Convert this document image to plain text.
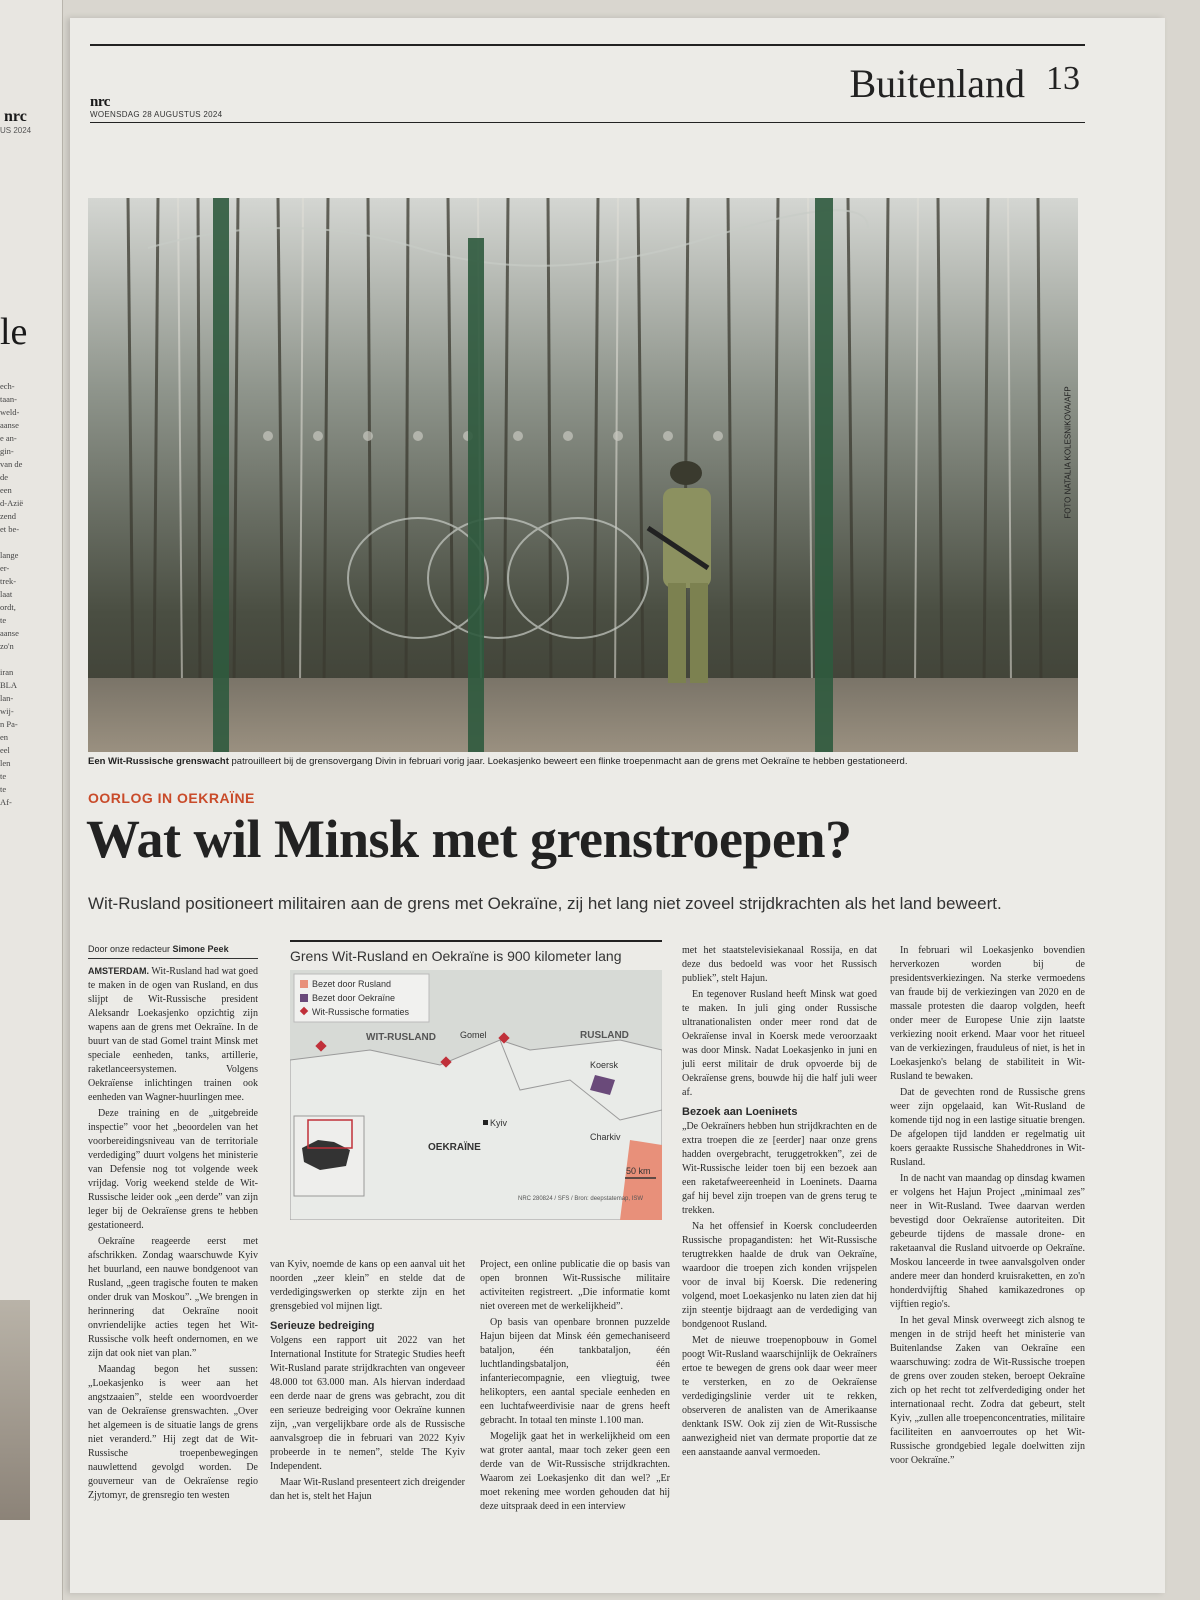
nrc
US 2024
le
ech-
taan-
weld-
aanse
e an-
gin-
van de
de
een
d-Azië
zend
et be-

lange
er-
trek-
laat
ordt,
te
aanse
zo'n

iran
BLA
lan-
wij-
n Pa-
en
eel
len
te
te
Af-
nrc
WOENSDAG 28 AUGUSTUS 2024
Buitenland 13
FOTO NATALIA KOLESNIKOVA/AFP
Een Wit-Russische grenswacht patrouilleert bij de grensovergang Divin in februari vorig jaar. Loekasjenko beweert een flinke troepenmacht aan de grens met Oekraïne te hebben gestationeerd.
OORLOG IN OEKRAÏNE
Wat wil Minsk met grenstroepen?
Wit-Rusland positioneert militairen aan de grens met Oekraïne, zij het lang niet zoveel strijdkrachten als het land beweert.
Door onze redacteur Simone Peek

AMSTERDAM. Wit-Rusland had wat goed te maken in de ogen van Rusland, en dus slijpt de Wit-Russische president Aleksandr Loekasjenko opzichtig zijn wapens aan de grens met Oekraïne. In de buurt van de stad Gomel traint Minsk met speciale eenheden, tanks, artillerie, raketlanceersystemen. Volgens Oekraïense inlichtingen trainen ook eenheden van Wagner-huurlingen mee.

Deze training en de „uitgebreide inspectie” voor het „beoordelen van het voorbereidingsniveau van de territoriale verdediging” duurt volgens het ministerie van Defensie nog tot volgende week vrijdag. Vorig weekend stelde de Wit-Russische leider ook „een derde” van zijn leger bij de Oekraïense grens te hebben gestationeerd.

Oekraïne reageerde eerst met afschrikken. Zondag waarschuwde Kyiv het buurland, een nauwe bondgenoot van Rusland, „geen tragische fouten te maken onder druk van Moskou”. „We brengen in herinnering dat Oekraïne nooit onvriendelijke acties tegen het Wit-Russische volk heeft ondernomen, en we zijn dat ook niet van plan.”

Maandag begon het sussen: „Loekasjenko is weer aan het angstzaaien”, stelde een woordvoerder van de Oekraïense grenswachten. „Over het algemeen is de situatie langs de grens niet veranderd.” Hij zegt dat de Wit-Russische troepenbewegingen nauwlettend gevolgd worden. De gouverneur van de Oekraïense regio Zjytomyr, de grensregio ten westen

Grens Wit-Rusland en Oekraïne is 900 kilometer lang
Bezet door Rusland
Bezet door Oekraïne
Wit-Russische formaties
WIT-RUSLAND	RUSLAND
OEKRAÏNE
Gomel
Koersk
Kyiv
Charkiv
50 km
NRC 280824 / SFS / Bron: deepstatemap, ISW

van Kyiv, noemde de kans op een aanval uit het noorden „zeer klein” en stelde dat de verdedigingswerken op sterkte zijn en het grensgebied vol mijnen ligt.

Serieuze bedreiging

Volgens een rapport uit 2022 van het International Institute for Strategic Studies heeft Wit-Rusland parate strijdkrachten van ongeveer 48.000 tot 63.000 man. Als hiervan inderdaad een derde naar de grens was gebracht, zou dit een serieuze bedreiging voor Oekraïne kunnen zijn, „van vergelijkbare orde als de Russische aanvalsgroep die in februari van 2022 Kyiv probeerde in te nemen”, stelde The Kyiv Independent.

Maar Wit-Rusland presenteert zich dreigender dan het is, stelt het Hajun

Project, een online publicatie die op basis van open bronnen Wit-Russische militaire activiteiten registreert. „Die informatie komt niet overeen met de werkelijkheid”.

Op basis van openbare bronnen puzzelde Hajun bijeen dat Minsk één gemechaniseerd bataljon, één tankbataljon, één luchtlandingsbataljon, één infanteriecompagnie, een vliegtuig, twee helikopters, een aantal speciale eenheden en een luchtafweerdivisie naar de grens heeft gebracht. In totaal ten minste 1.100 man.

Mogelijk gaat het in werkelijkheid om een wat groter aantal, maar toch zeker geen een derde van de Wit-Russische strijdkrachten. Waarom zei Loekasjenko dit dan wel? „Er moet rekening mee worden gehouden dat hij deze uitspraak deed in een interview

met het staatstelevisiekanaal Rossija, en dat deze dus bedoeld was voor het Russisch publiek”, stelt Hajun.

En tegenover Rusland heeft Minsk wat goed te maken. In juli ging onder Russische ultranationalisten onder meer rond dat de Oekraïense inval in Koersk mede veroorzaakt was door Minsk. Nadat Loekasjenko in juni en juli eerst militair de druk opvoerde bij de Oekraïense grens, bouwde hij die half juli weer af.

Bezoek aan Loenінets

„De Oekraïners hebben hun strijdkrachten en de extra troepen die ze [eerder] naar onze grens hadden overgebracht, teruggetrokken”, zei de Wit-Russische leider toen bij een bezoek aan een raketafweereenheid in Loeninets. Daarna gaf hij bevel zijn troepen van de grens terug te trekken.

Na het offensief in Koersk concludeerden Russische propagandisten: het Wit-Russische terugtrekken haalde de druk van Oekraïne, waardoor die troepen zich konden vrijspelen voor de inval bij Koersk. Die redenering volgend, moet Loekasjenko nu laten zien dat hij zijn steentje bijdraagt aan de verdediging van bondgenoot Rusland.

Met de nieuwe troepenopbouw in Gomel poogt Wit-Rusland waarschijnlijk de Oekraïners ertoe te bewegen de grens ook daar weer meer te versterken, en zo de Oekraïense verdedigingslinie verder uit te rekken, observeren de analisten van de Amerikaanse denktank ISW. Ook zij zien de Wit-Russische aanwezigheid niet van dermate proportie dat ze een aanstaande aanval vermoeden.

In februari wil Loekasjenko bovendien herverkozen worden bij de presidentsverkiezingen. Na sterke vermoedens van fraude bij de verkiezingen van 2020 en de massale protesten die daarop volgden, heeft onder meer de Europese Unie zijn laatste verkiezing nooit erkend. Maar voor het ritueel van de verkiezingen, frauduleus of niet, is het in Loekasjenko's belang de stabiliteit in Wit-Rusland te bewaken.

Dat de gevechten rond de Russische grens weer zijn opgelaaid, kan Wit-Rusland de komende tijd nog in een lastige situatie brengen. De afgelopen tijd landden er regelmatig uit koers geraakte Russische Shaheddrones in Wit-Rusland.

In de nacht van maandag op dinsdag kwamen er volgens het Hajun Project „minimaal zes” neer in Wit-Rusland. Twee daarvan werden bevestigd door Oekraïense autoriteiten. Dit gebeurde tijdens de massale drone- en raketaanval die Rusland uitvoerde op Oekraïne. Moskou lanceerde in twee aanvalsgolven onder andere meer dan honderd kruisraketten, en zo'n honderdvijftig Shahed kamikazedrones op vijftien regio's.

In het geval Minsk overweegt zich alsnog te mengen in de strijd heeft het ministerie van Buitenlandse Zaken van Oekraïne een waarschuwing: zodra de Wit-Russische troepen de grens over zouden steken, beroept Oekraïne zich op het recht tot zelfverdediging onder het internationaal recht. Zodra dat gebeurt, stelt Kyiv, „zullen alle troepenconcentraties, militaire faciliteiten en aanvoerroutes op het Wit-Russische grondgebied legale doelwitten zijn voor Oekraïne.”
